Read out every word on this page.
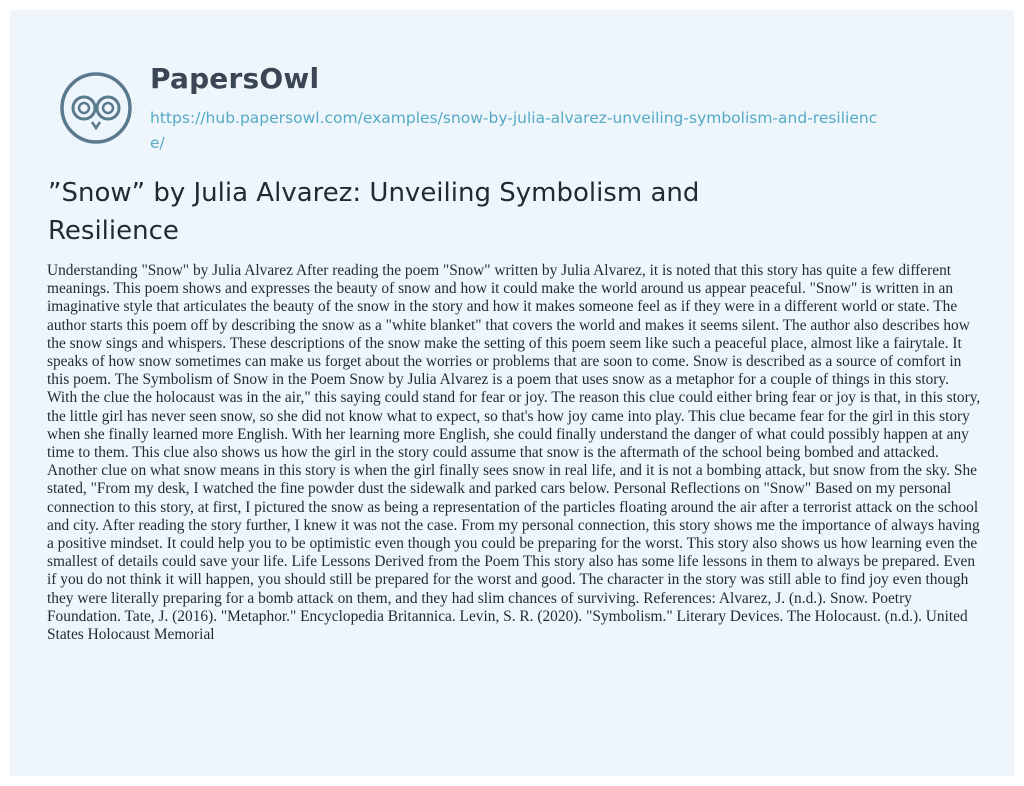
PapersOwl
https://hub.papersowl.com/examples/snow-by-julia-alvarez-unveiling-symbolism-and-resilience/
”Snow” by Julia Alvarez: Unveiling Symbolism and Resilience

Understanding "Snow" by Julia Alvarez After reading the poem "Snow" written by Julia Alvarez, it is noted that this story has quite a few different meanings. This poem shows and expresses the beauty of snow and how it could make the world around us appear peaceful. "Snow" is written in an imaginative style that articulates the beauty of the snow in the story and how it makes someone feel as if they were in a different world or state. The author starts this poem off by describing the snow as a "white blanket" that covers the world and makes it seems silent. The author also describes how the snow sings and whispers. These descriptions of the snow make the setting of this poem seem like such a peaceful place, almost like a fairytale. It speaks of how snow sometimes can make us forget about the worries or problems that are soon to come. Snow is described as a source of comfort in this poem. The Symbolism of Snow in the Poem Snow by Julia Alvarez is a poem that uses snow as a metaphor for a couple of things in this story. With the clue the holocaust was in the air," this saying could stand for fear or joy. The reason this clue could either bring fear or joy is that, in this story, the little girl has never seen snow, so she did not know what to expect, so that's how joy came into play. This clue became fear for the girl in this story when she finally learned more English. With her learning more English, she could finally understand the danger of what could possibly happen at any time to them. This clue also shows us how the girl in the story could assume that snow is the aftermath of the school being bombed and attacked. Another clue on what snow means in this story is when the girl finally sees snow in real life, and it is not a bombing attack, but snow from the sky. She stated, "From my desk, I watched the fine powder dust the sidewalk and parked cars below. Personal Reflections on "Snow" Based on my personal connection to this story, at first, I pictured the snow as being a representation of the particles floating around the air after a terrorist attack on the school and city. After reading the story further, I knew it was not the case. From my personal connection, this story shows me the importance of always having a positive mindset. It could help you to be optimistic even though you could be preparing for the worst. This story also shows us how learning even the smallest of details could save your life. Life Lessons Derived from the Poem This story also has some life lessons in them to always be prepared. Even if you do not think it will happen, you should still be prepared for the worst and good. The character in the story was still able to find joy even though they were literally preparing for a bomb attack on them, and they had slim chances of surviving. References: Alvarez, J. (n.d.). Snow. Poetry Foundation. Tate, J. (2016). "Metaphor." Encyclopedia Britannica. Levin, S. R. (2020). "Symbolism." Literary Devices. The Holocaust. (n.d.). United States Holocaust Memorial
